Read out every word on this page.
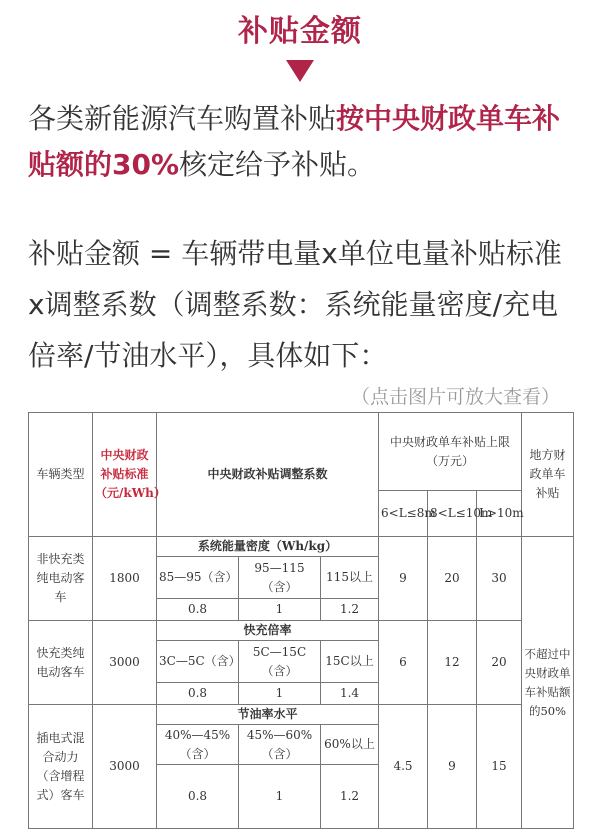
补贴金额
各类新能源汽车购置补贴按中央财政单车补贴额的30%核定给予补贴。
补贴金额 = 车辆带电量x单位电量补贴标准x调整系数（调整系数：系统能量密度/充电倍率/节油水平），具体如下：
（点击图片可放大查看）
车辆类型	中央财政补贴标准（元/kWh）	中央财政补贴调整系数			中央财政单车补贴上限（万元）			地方财政单车补贴
					6<L≤8m	8<L≤10m	L>10m	
非快充类纯电动客车	1800	系统能量密度（Wh/kg）			9	20	30	不超过中央财政单车补贴额的50%
		85—95（含）	95—115（含）	115以上				
		0.8	1	1.2				
快充类纯电动客车	3000	快充倍率			6	12	20	
		3C—5C（含）	5C—15C（含）	15C以上				
		0.8	1	1.4				
插电式混合动力（含增程式）客车	3000	节油率水平			4.5	9	15	
		40%—45%（含）	45%—60%（含）	60%以上				
		0.8	1	1.2				
